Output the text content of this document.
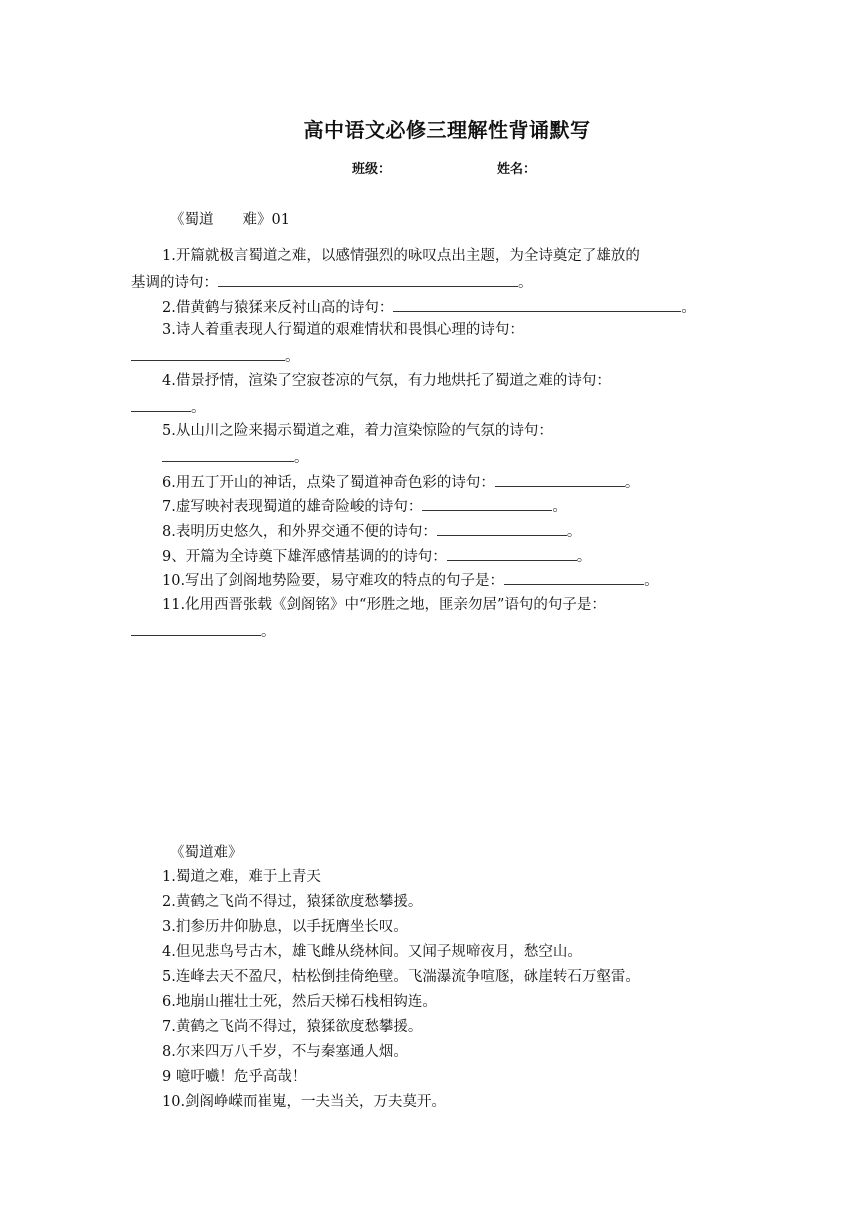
高中语文必修三理解性背诵默写
班级：	姓名：
《蜀道　　难》01
1.开篇就极言蜀道之难，以感情强烈的咏叹点出主题，为全诗奠定了雄放的
基调的诗句：	。
2.借黄鹤与猿猱来反衬山高的诗句：	。
3.诗人着重表现人行蜀道的艰难情状和畏惧心理的诗句：
。
4.借景抒情，渲染了空寂苍凉的气氛，有力地烘托了蜀道之难的诗句：
。
5.从山川之险来揭示蜀道之难，着力渲染惊险的气氛的诗句：
。
6.用五丁开山的神话，点染了蜀道神奇色彩的诗句：	。
7.虚写映衬表现蜀道的雄奇险峻的诗句：	。
8.表明历史悠久，和外界交通不便的诗句：	。
9、开篇为全诗奠下雄浑感情基调的的诗句：	。
10.写出了剑阁地势险要，易守难攻的特点的句子是：	。
11.化用西晋张载《剑阁铭》中“形胜之地，匪亲勿居”语句的句子是：
。
《蜀道难》
1.蜀道之难，难于上青天
2.黄鹤之飞尚不得过，猿猱欲度愁攀援。
3.扪参历井仰胁息，以手抚膺坐长叹。
4.但见悲鸟号古木，雄飞雌从绕林间。又闻子规啼夜月，愁空山。
5.连峰去天不盈尺，枯松倒挂倚绝壁。飞湍瀑流争喧豗，砯崖转石万壑雷。
6.地崩山摧壮士死，然后天梯石栈相钩连。
7.黄鹤之飞尚不得过，猿猱欲度愁攀援。
8.尔来四万八千岁，不与秦塞通人烟。
9 噫吁嚱！危乎高哉！
10.剑阁峥嵘而崔嵬，一夫当关，万夫莫开。
